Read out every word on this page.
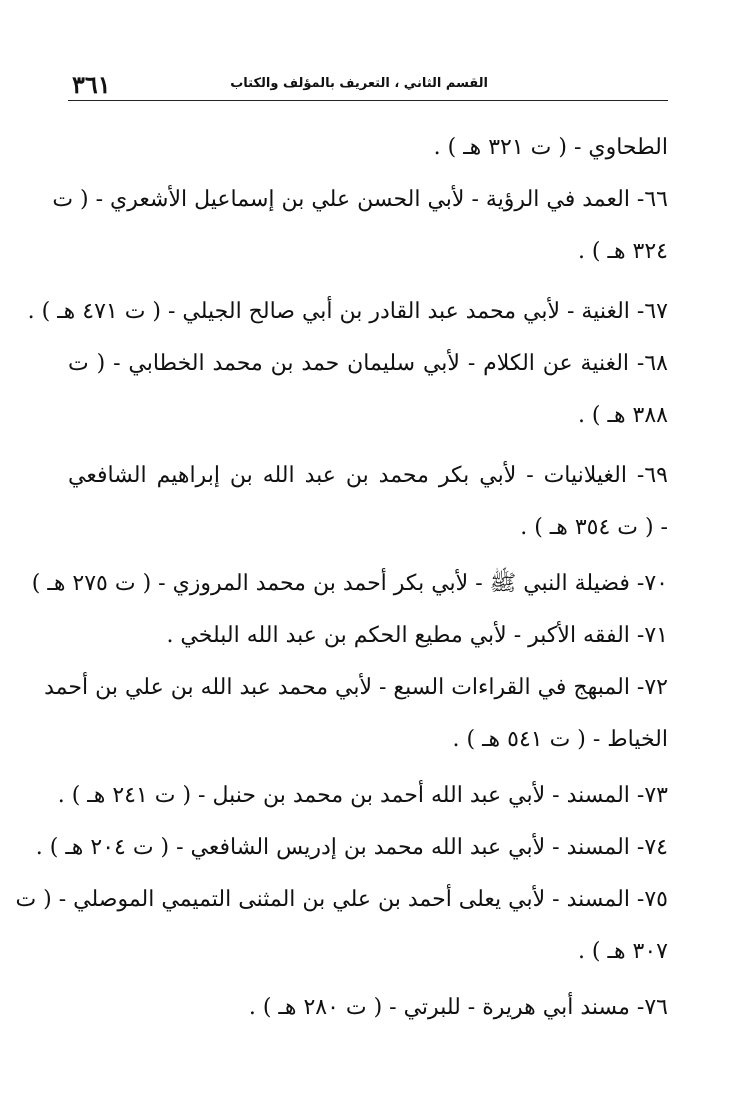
٣٦١	القسم الثاني ، التعريف بالمؤلف والكتاب
الطحاوي - ( ت ٣٢١ هـ ) .
٦٦- العمد في الرؤية - لأبي الحسن علي بن إسماعيل الأشعري - ( ت
٣٢٤ هـ ) .
٦٧- الغنية - لأبي محمد عبد القادر بن أبي صالح الجيلي - ( ت ٤٧١ هـ ) .
٦٨- الغنية عن الكلام - لأبي سليمان حمد بن محمد الخطابي - ( ت
٣٨٨ هـ ) .
٦٩- الغيلانيات - لأبي بكر محمد بن عبد الله بن إبراهيم الشافعي
- ( ت ٣٥٤ هـ ) .
٧٠- فضيلة النبي ﷺ - لأبي بكر أحمد بن محمد المروزي - ( ت ٢٧٥ هـ )
٧١- الفقه الأكبر - لأبي مطيع الحكم بن عبد الله البلخي .
٧٢- المبهج في القراءات السبع - لأبي محمد عبد الله بن علي بن أحمد
الخياط - ( ت ٥٤١ هـ ) .
٧٣- المسند - لأبي عبد الله أحمد بن محمد بن حنبل - ( ت ٢٤١ هـ ) .
٧٤- المسند - لأبي عبد الله محمد بن إدريس الشافعي - ( ت ٢٠٤ هـ ) .
٧٥- المسند - لأبي يعلى أحمد بن علي بن المثنى التميمي الموصلي - ( ت
٣٠٧ هـ ) .
٧٦- مسند أبي هريرة - للبرتي - ( ت ٢٨٠ هـ ) .
